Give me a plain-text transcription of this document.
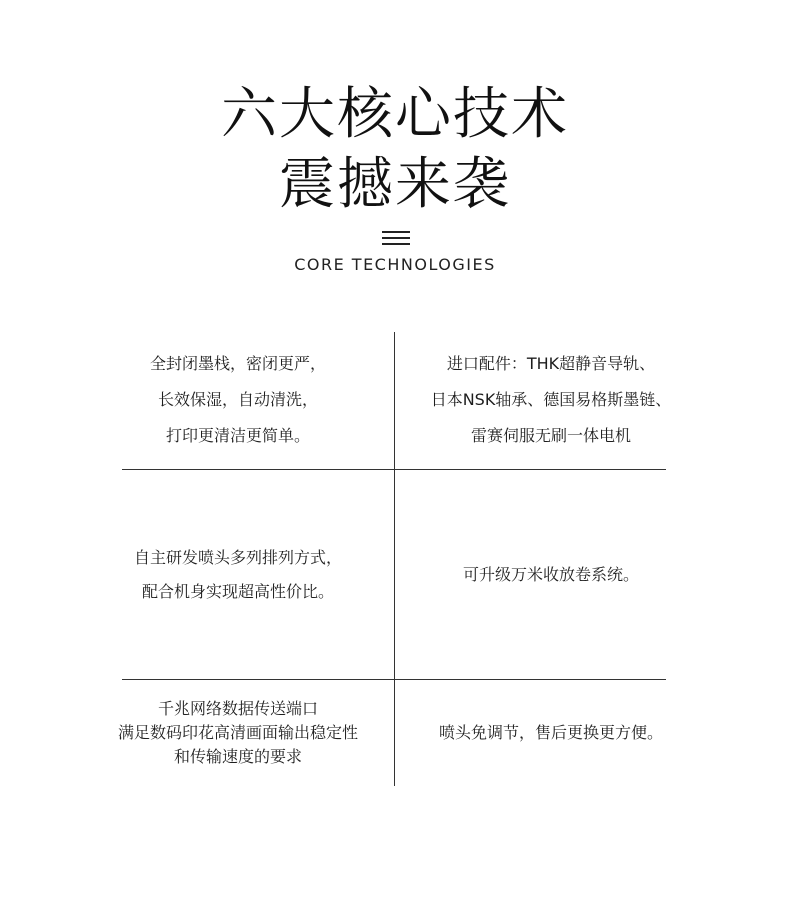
六大核心技术
震撼来袭
CORE TECHNOLOGIES
全封闭墨栈，密闭更严，
长效保湿，自动清洗，
打印更清洁更简单。
进口配件：THK超静音导轨、
日本NSK轴承、德国易格斯墨链、
雷赛伺服无刷一体电机
自主研发喷头多列排列方式，
配合机身实现超高性价比。
可升级万米收放卷系统。
千兆网络数据传送端口
满足数码印花高清画面输出稳定性
和传输速度的要求
喷头免调节，售后更换更方便。
